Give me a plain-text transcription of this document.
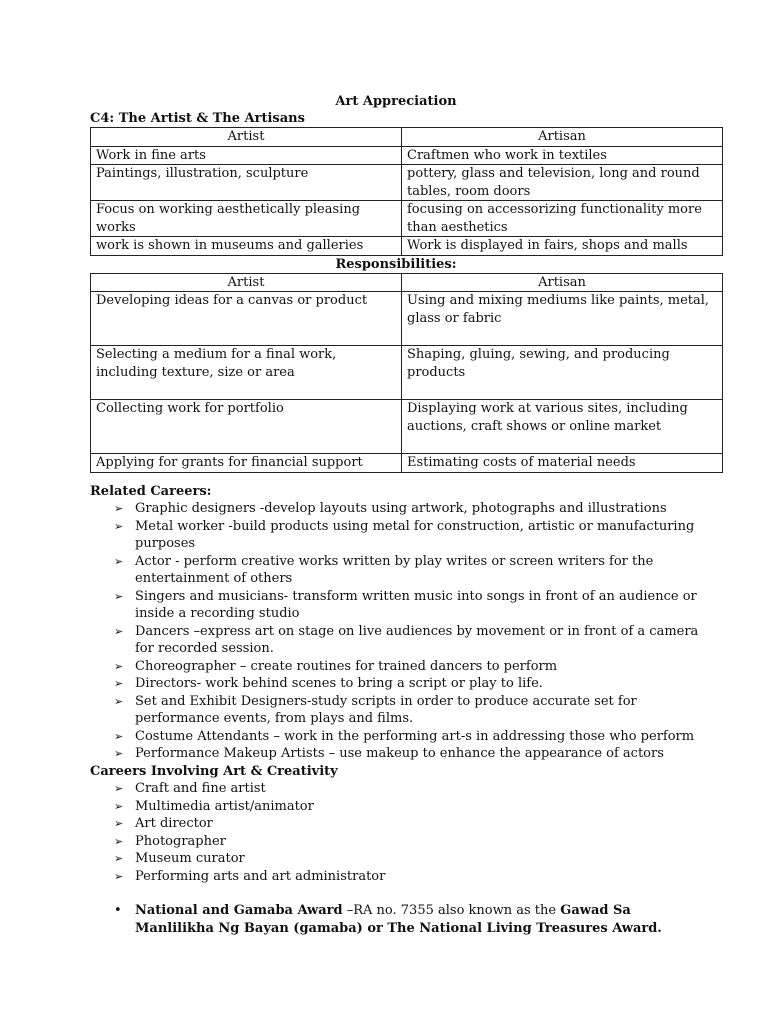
Art Appreciation
C4: The Artist & The Artisans
Artist	Artisan
Work in fine arts	Craftmen who work in textiles
Paintings, illustration, sculpture	pottery, glass and television, long and round tables, room doors
Focus on working aesthetically pleasing works	focusing on accessorizing functionality more than aesthetics
work is shown in museums and galleries	Work is displayed in fairs, shops and malls
Responsibilities:
Artist	Artisan
Developing ideas for a canvas or product	Using and mixing mediums like paints, metal, glass or fabric
Selecting a medium for a final work, including texture, size or area	Shaping, gluing, sewing, and producing products
Collecting work for portfolio	Displaying work at various sites, including auctions, craft shows or online market
Applying for grants for financial support	Estimating costs of material needs
Related Careers:
➢ Graphic designers -develop layouts using artwork, photographs and illustrations
➢ Metal worker -build products using metal for construction, artistic or manufacturing purposes
➢ Actor - perform creative works written by play writes or screen writers for the entertainment of others
➢ Singers and musicians- transform written music into songs in front of an audience or inside a recording studio
➢ Dancers –express art on stage on live audiences by movement or in front of a camera for recorded session.
➢ Choreographer – create routines for trained dancers to perform
➢ Directors- work behind scenes to bring a script or play to life.
➢ Set and Exhibit Designers-study scripts in order to produce accurate set for performance events, from plays and films.
➢ Costume Attendants – work in the performing art-s in addressing those who perform
➢ Performance Makeup Artists – use makeup to enhance the appearance of actors
Careers Involving Art & Creativity
➢ Craft and fine artist
➢ Multimedia artist/animator
➢ Art director
➢ Photographer
➢ Museum curator
➢ Performing arts and art administrator
• National and Gamaba Award –RA no. 7355 also known as the Gawad Sa Manlilikha Ng Bayan (gamaba) or The National Living Treasures Award.
